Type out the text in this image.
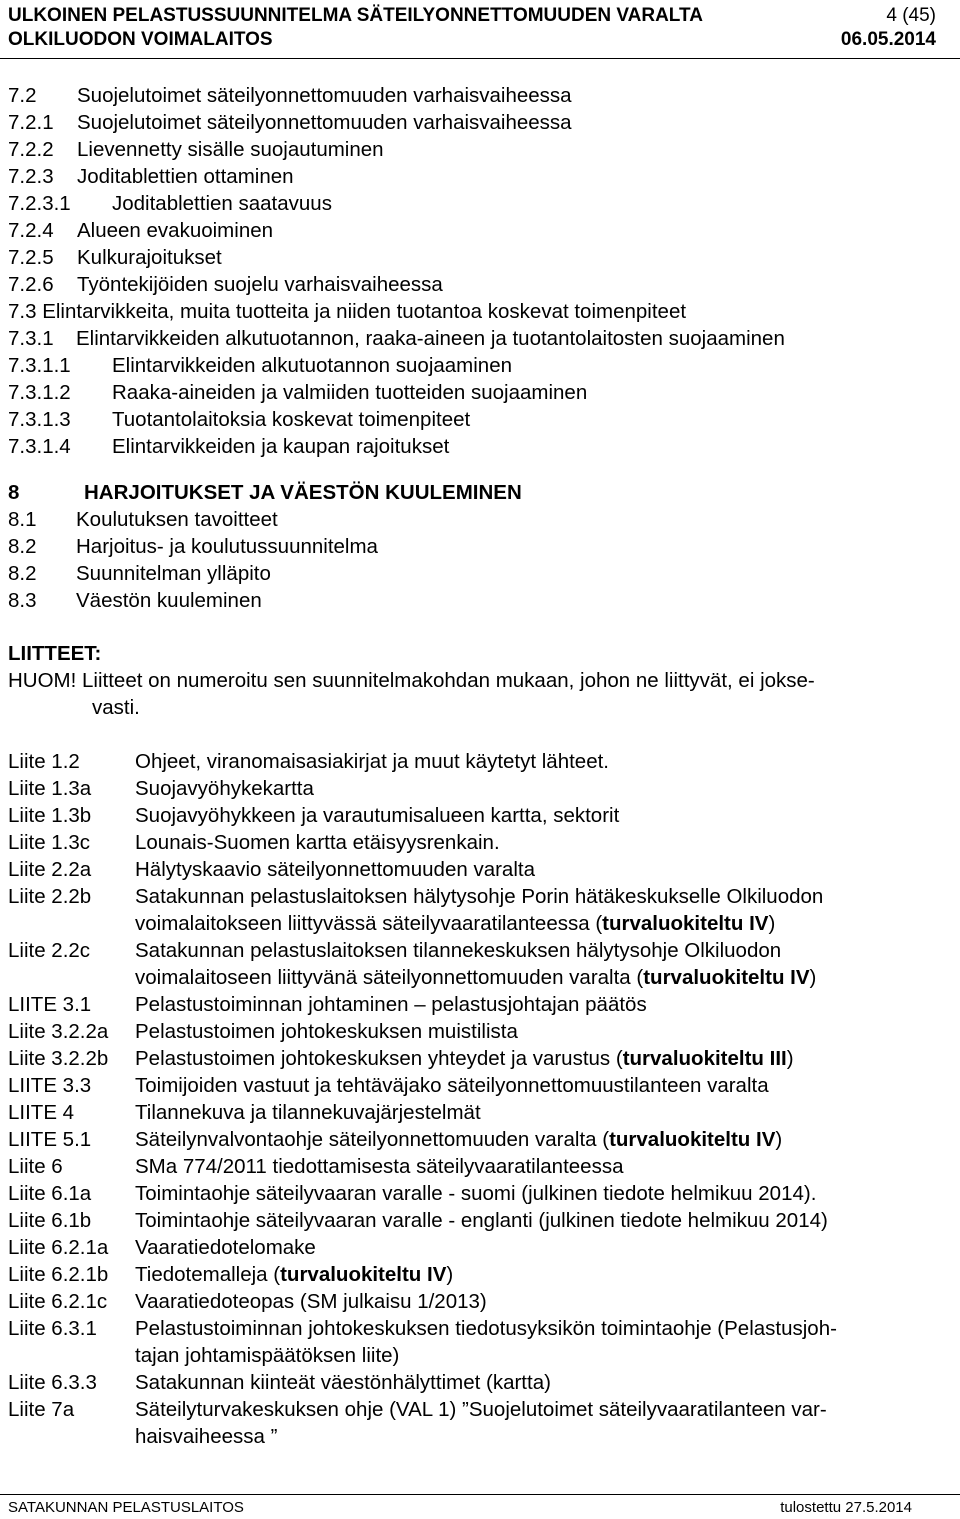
ULKOINEN PELASTUSSUUNNITELMA SÄTEILYONNETTOMUUDEN VARALTA	4 (45)
OLKILUODON VOIMALAITOS	06.05.2014
7.2 Suojelutoimet säteilyonnettomuuden varhaisvaiheessa
7.2.1 Suojelutoimet säteilyonnettomuuden varhaisvaiheessa
7.2.2 Lievennetty sisälle suojautuminen
7.2.3 Joditablettien ottaminen
7.2.3.1 Joditablettien saatavuus
7.2.4 Alueen evakuoiminen
7.2.5 Kulkurajoitukset
7.2.6 Työntekijöiden suojelu varhaisvaiheessa
7.3 Elintarvikkeita, muita tuotteita ja niiden tuotantoa koskevat toimenpiteet
7.3.1 Elintarvikkeiden alkutuotannon, raaka-aineen ja tuotantolaitosten suojaaminen
7.3.1.1 Elintarvikkeiden alkutuotannon suojaaminen
7.3.1.2 Raaka-aineiden ja valmiiden tuotteiden suojaaminen
7.3.1.3 Tuotantolaitoksia koskevat toimenpiteet
7.3.1.4 Elintarvikkeiden ja kaupan rajoitukset
8	HARJOITUKSET JA VÄESTÖN KUULEMINEN
8.1 Koulutuksen tavoitteet
8.2 Harjoitus- ja koulutussuunnitelma
8.2 Suunnitelman ylläpito
8.3 Väestön kuuleminen
LIITTEET:
HUOM! Liitteet on numeroitu sen suunnitelmakohdan mukaan, johon ne liittyvät, ei jokse-
vasti.
Liite 1.2	Ohjeet, viranomaisasiakirjat ja muut käytetyt lähteet.
Liite 1.3a Suojavyöhykekartta
Liite 1.3b Suojavyöhykkeen ja varautumisalueen kartta, sektorit
Liite 1.3c Lounais-Suomen kartta etäisyysrenkain.
Liite 2.2a Hälytyskaavio säteilyonnettomuuden varalta
Liite 2.2b Satakunnan pelastuslaitoksen hälytysohje Porin hätäkeskukselle Olkiluodon
voimalaitokseen liittyvässä säteilyvaaratilanteessa (turvaluokiteltu IV)
Liite 2.2c Satakunnan pelastuslaitoksen tilannekeskuksen hälytysohje Olkiluodon
voimalaitoseen liittyvänä säteilyonnettomuuden varalta (turvaluokiteltu IV)
LIITE 3.1 Pelastustoiminnan johtaminen – pelastusjohtajan päätös
Liite 3.2.2a Pelastustoimen johtokeskuksen muistilista
Liite 3.2.2b Pelastustoimen johtokeskuksen yhteydet ja varustus (turvaluokiteltu III)
LIITE 3.3 Toimijoiden vastuut ja tehtäväjako säteilyonnettomuustilanteen varalta
LIITE 4	Tilannekuva ja tilannekuvajärjestelmät
LIITE 5.1 Säteilynvalvontaohje säteilyonnettomuuden varalta (turvaluokiteltu IV)
Liite 6	SMa 774/2011 tiedottamisesta säteilyvaaratilanteessa
Liite 6.1a Toimintaohje säteilyvaaran varalle - suomi (julkinen tiedote helmikuu 2014).
Liite 6.1b Toimintaohje säteilyvaaran varalle - englanti (julkinen tiedote helmikuu 2014)
Liite 6.2.1a Vaaratiedotelomake
Liite 6.2.1b Tiedotemalleja (turvaluokiteltu IV)
Liite 6.2.1c Vaaratiedoteopas (SM julkaisu 1/2013)
Liite 6.3.1 Pelastustoiminnan johtokeskuksen tiedotusyksikön toimintaohje (Pelastusjoh-
tajan johtamispäätöksen liite)
Liite 6.3.3 Satakunnan kiinteät väestönhälyttimet (kartta)
Liite 7a	Säteilyturvakeskuksen ohje (VAL 1) ”Suojelutoimet säteilyvaaratilanteen var-
haisvaiheessa ”
SATAKUNNAN PELASTUSLAITOS	tulostettu 27.5.2014
